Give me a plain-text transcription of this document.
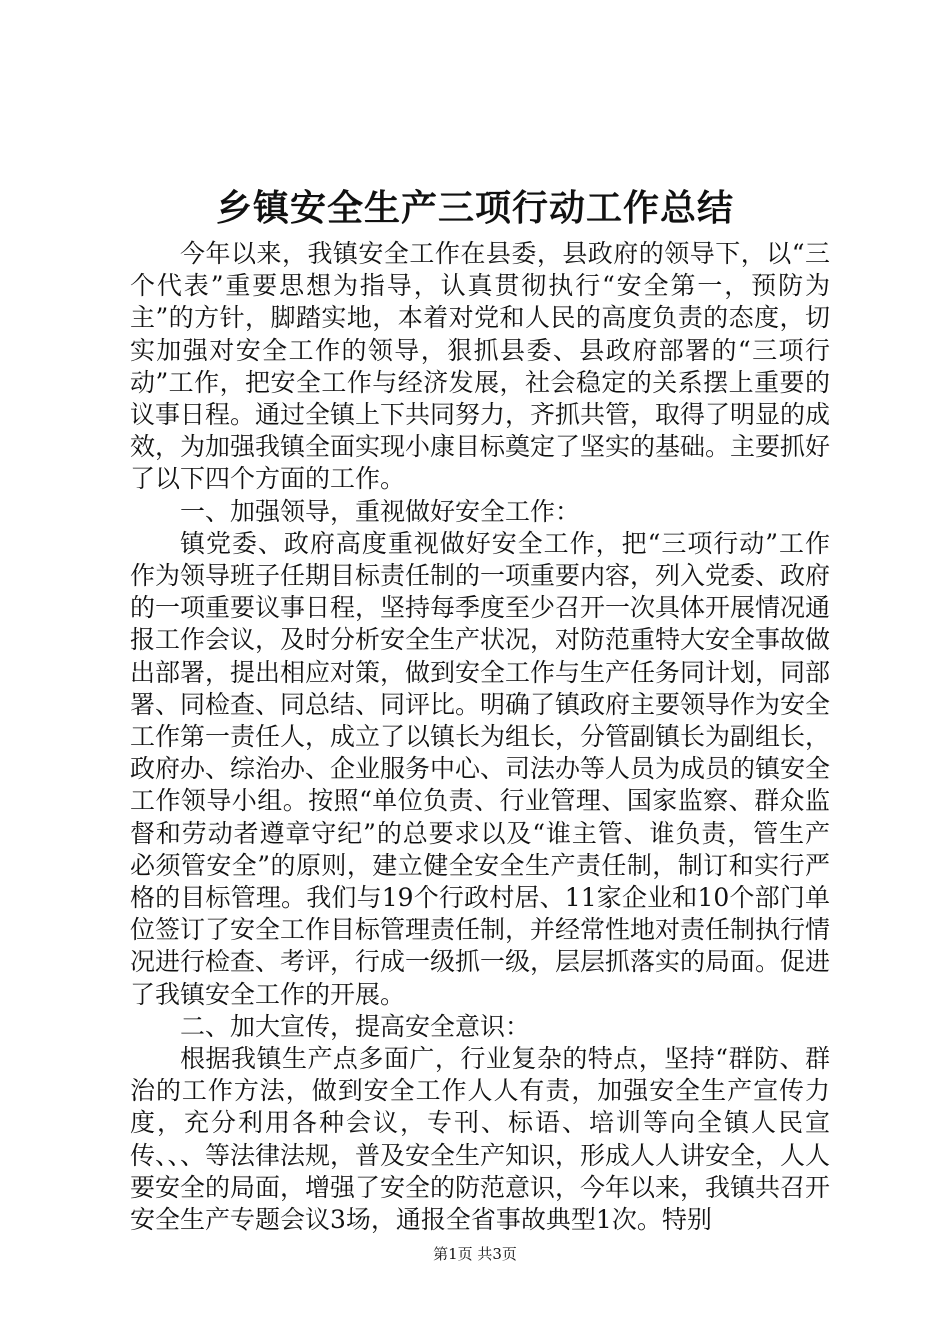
乡镇安全生产三项行动工作总结

今年以来，我镇安全工作在县委，县政府的领导下，以“三个代表”重要思想为指导，认真贯彻执行“安全第一，预防为主”的方针，脚踏实地，本着对党和人民的高度负责的态度，切实加强对安全工作的领导，狠抓县委、县政府部署的“三项行动”工作，把安全工作与经济发展，社会稳定的关系摆上重要的议事日程。通过全镇上下共同努力，齐抓共管，取得了明显的成效，为加强我镇全面实现小康目标奠定了坚实的基础。主要抓好了以下四个方面的工作。

一、加强领导，重视做好安全工作：

镇党委、政府高度重视做好安全工作，把“三项行动”工作作为领导班子任期目标责任制的一项重要内容，列入党委、政府的一项重要议事日程，坚持每季度至少召开一次具体开展情况通报工作会议，及时分析安全生产状况，对防范重特大安全事故做出部署，提出相应对策，做到安全工作与生产任务同计划，同部署、同检查、同总结、同评比。明确了镇政府主要领导作为安全工作第一责任人，成立了以镇长为组长，分管副镇长为副组长，政府办、综治办、企业服务中心、司法办等人员为成员的镇安全工作领导小组。按照“单位负责、行业管理、国家监察、群众监督和劳动者遵章守纪”的总要求以及“谁主管、谁负责，管生产必须管安全”的原则，建立健全安全生产责任制，制订和实行严格的目标管理。我们与19个行政村居、11家企业和10个部门单位签订了安全工作目标管理责任制，并经常性地对责任制执行情况进行检查、考评，行成一级抓一级，层层抓落实的局面。促进了我镇安全工作的开展。

二、加大宣传，提高安全意识：

根据我镇生产点多面广，行业复杂的特点，坚持“群防、群治的工作方法，做到安全工作人人有责，加强安全生产宣传力度，充分利用各种会议，专刊、标语、培训等向全镇人民宣传、、、等法律法规，普及安全生产知识，形成人人讲安全，人人要安全的局面，增强了安全的防范意识，今年以来，我镇共召开安全生产专题会议3场，通报全省事故典型1次。特别

第1页 共3页
